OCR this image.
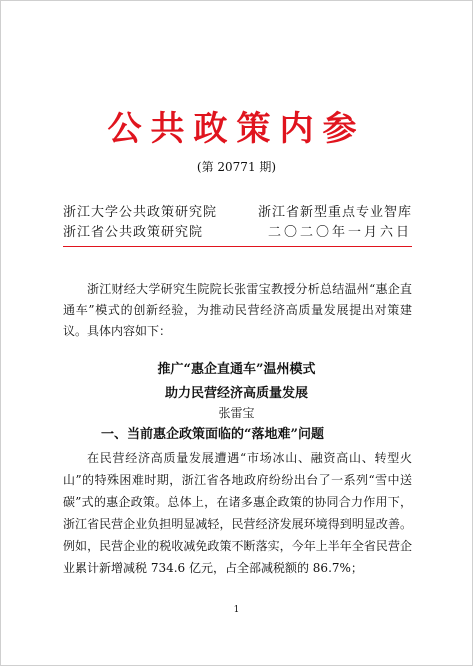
公共政策内参
(第 20771 期)
浙江大学公共政策研究院	浙江省新型重点专业智库
浙江省公共政策研究院	二〇二〇年一月六日
浙江财经大学研究生院院长张雷宝教授分析总结温州“惠企直通车”模式的创新经验，为推动民营经济高质量发展提出对策建议。具体内容如下：
推广“惠企直通车”温州模式
助力民营经济高质量发展
张雷宝
一、当前惠企政策面临的“落地难”问题
在民营经济高质量发展遭遇“市场冰山、融资高山、转型火山”的特殊困难时期，浙江省各地政府纷纷出台了一系列“雪中送碳”式的惠企政策。总体上，在诸多惠企政策的协同合力作用下，浙江省民营企业负担明显减轻，民营经济发展环境得到明显改善。例如，民营企业的税收减免政策不断落实，今年上半年全省民营企业累计新增减税 734.6 亿元，占全部减税额的 86.7%；
1
